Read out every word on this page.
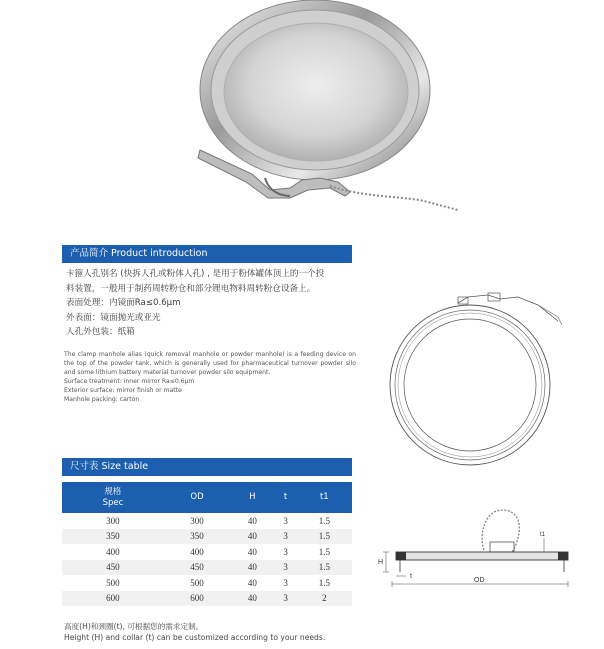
产品简介 Product introduction
卡箍人孔别名 (快拆人孔或粉体人孔) , 是用于粉体罐体顶上的一个投
料装置，一般用于制药周转粉仓和部分锂电物料周转粉仓设备上。
表面处理：内镜面Ra≤0.6μm
外表面：镜面抛光或亚光
人孔外包装：纸箱
The clamp manhole alias (quick removal manhole or powder manhole) is a feeding device on the top of the powder tank, which is generally used for pharmaceutical turnover powder silo and some lithium battery material turnover powder silo equipment.
Surface treatment: inner mirror Ra≤0.6μm
Exterior surface: mirror finish or matte
Manhole packing: carton
尺寸表 Size table
规格
Spec	OD	H	t	t1
300	300	40	3	1.5
350	350	40	3	1.5
400	400	40	3	1.5
450	450	40	3	1.5
500	500	40	3	1.5
600	600	40	3	2
高度(H)和颈圈(t), 可根据您的需求定制。
Height (H) and collar (t) can be customized according to your needs.
H
t
t1
OD
